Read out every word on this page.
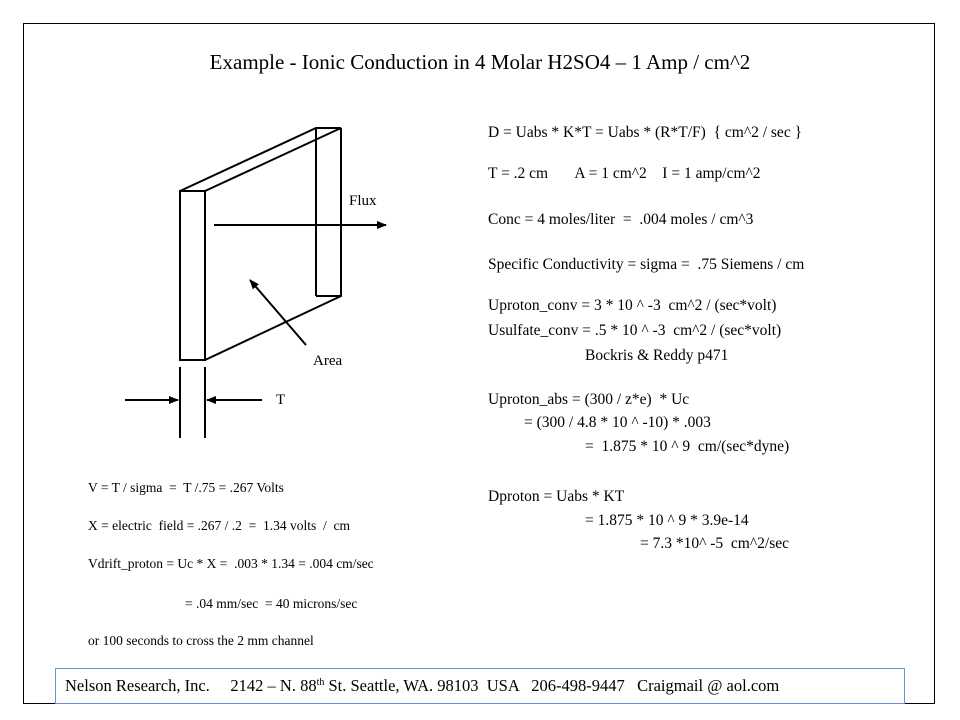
Example - Ionic Conduction in 4 Molar H2SO4 – 1 Amp / cm^2
Flux
Area
T
D = Uabs * K*T = Uabs * (R*T/F)  { cm^2 / sec }
T = .2 cm       A = 1 cm^2    I = 1 amp/cm^2
Conc = 4 moles/liter  =  .004 moles / cm^3
Specific Conductivity = sigma =  .75 Siemens / cm
Uproton_conv = 3 * 10 ^ -3  cm^2 / (sec*volt)
Usulfate_conv = .5 * 10 ^ -3  cm^2 / (sec*volt)
Bockris & Reddy p471
Uproton_abs = (300 / z*e)  * Uc
= (300 / 4.8 * 10 ^ -10) * .003
=  1.875 * 10 ^ 9  cm/(sec*dyne)
Dproton = Uabs * KT
= 1.875 * 10 ^ 9 * 3.9e-14
= 7.3 *10^ -5  cm^2/sec
V = T / sigma  =  T /.75 = .267 Volts
X = electric  field = .267 / .2  =  1.34 volts  /  cm
Vdrift_proton = Uc * X =  .003 * 1.34 = .004 cm/sec
= .04 mm/sec  = 40 microns/sec
or 100 seconds to cross the 2 mm channel
Nelson Research, Inc. 2142 – N. 88th St. Seattle, WA. 98103  USA 206-498-9447 Craigmail @ aol.com
